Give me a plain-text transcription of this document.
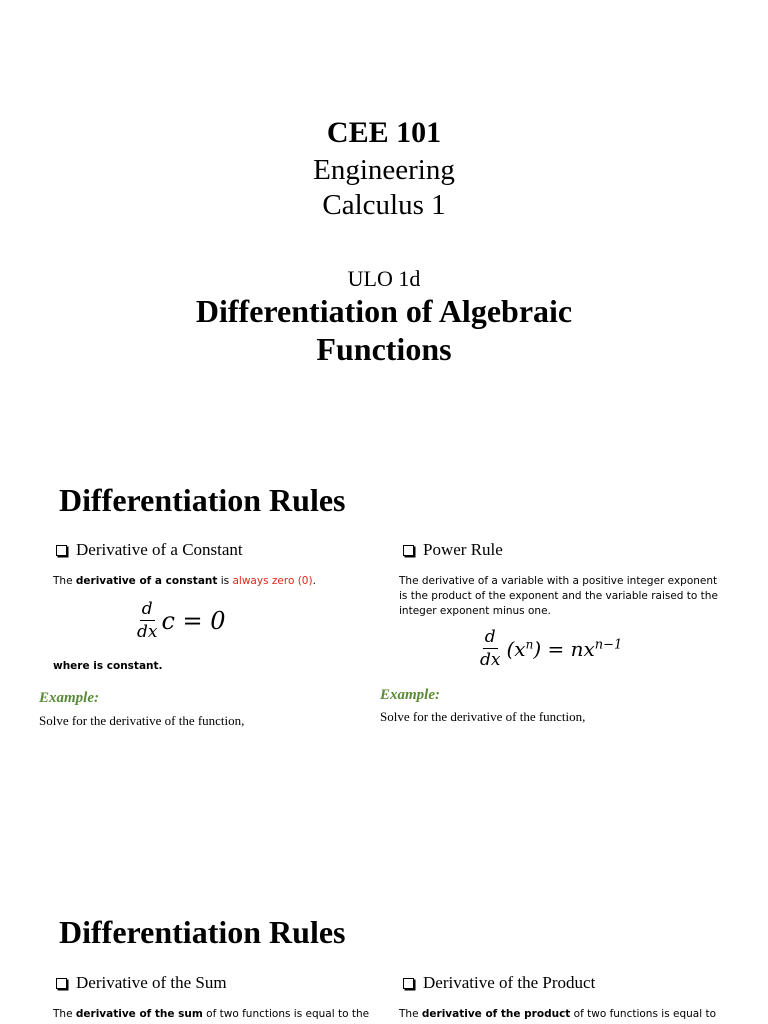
CEE 101
Engineering
Calculus 1
ULO 1d
Differentiation of Algebraic
Functions
Differentiation Rules
Derivative of a Constant
The derivative of a constant is always zero (0).
$\frac{d}{dx}$ c = 0
where is constant.
Example:
Solve for the derivative of the function,
Power Rule
The derivative of a variable with a positive integer exponent is the product of the exponent and the variable raised to the integer exponent minus one.
$\frac{d}{dx} (x^n) = nx^{n-1}$
Example:
Solve for the derivative of the function,
Differentiation Rules
Derivative of the Sum
The derivative of the sum of two functions is equal to the
Derivative of the Product
The derivative of the product of two functions is equal to
